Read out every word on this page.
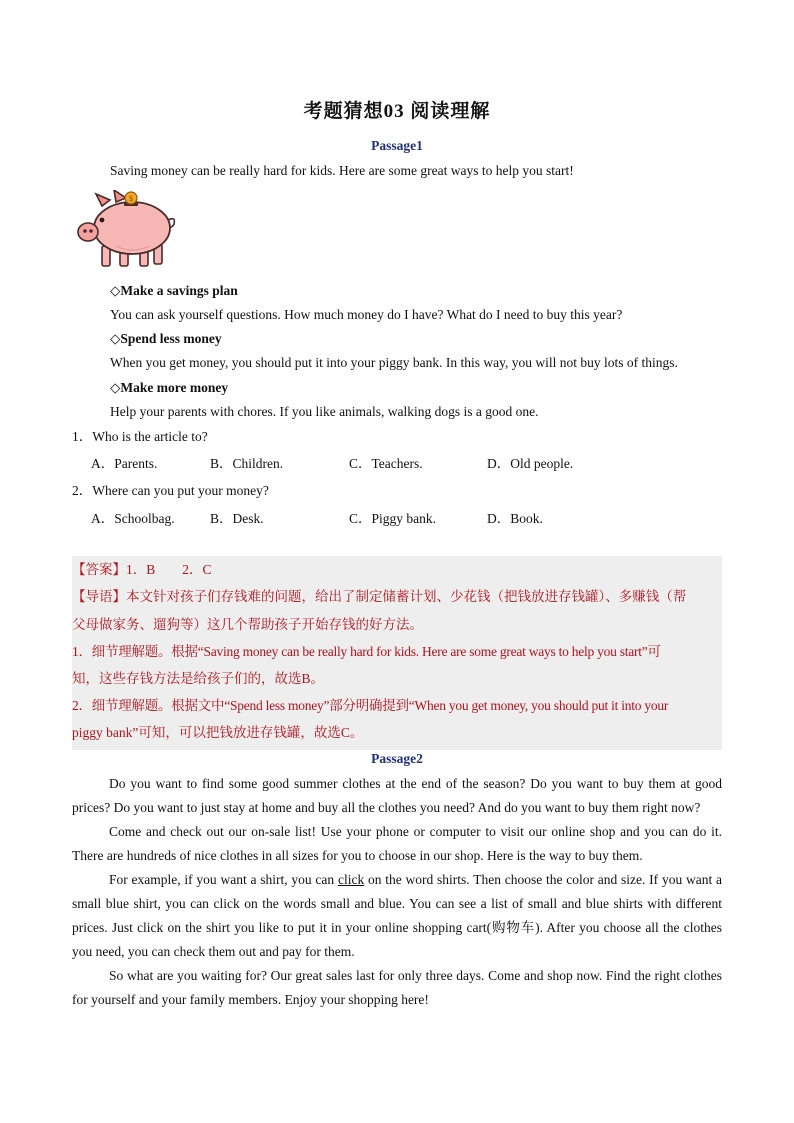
考题猜想03 阅读理解
Passage1
Saving money can be really hard for kids. Here are some great ways to help you start!
$
◇Make a savings plan
You can ask yourself questions. How much money do I have? What do I need to buy this year?
◇Spend less money
When you get money, you should put it into your piggy bank. In this way, you will not buy lots of things.
◇Make more money
Help your parents with chores. If you like animals, walking dogs is a good one.
1．Who is the article to?
A．Parents.	B．Children.	C．Teachers.	D．Old people.
2．Where can you put your money?
A．Schoolbag.	B．Desk.	C．Piggy bank.	D．Book.
【答案】1．B　　2．C
【导语】本文针对孩子们存钱难的问题，给出了制定储蓄计划、少花钱（把钱放进存钱罐）、多赚钱（帮
父母做家务、遛狗等）这几个帮助孩子开始存钱的好方法。
1．细节理解题。根据“Saving money can be really hard for kids. Here are some great ways to help you start”可
知，这些存钱方法是给孩子们的，故选B。
2．细节理解题。根据文中“Spend less money”部分明确提到“When you get money, you should put it into your
piggy bank”可知，可以把钱放进存钱罐，故选C。
Passage2

Do you want to find some good summer clothes at the end of the season? Do you want to buy them at good prices? Do you want to just stay at home and buy all the clothes you need? And do you want to buy them right now?

Come and check out our on-sale list! Use your phone or computer to visit our online shop and you can do it. There are hundreds of nice clothes in all sizes for you to choose in our shop. Here is the way to buy them.

For example, if you want a shirt, you can click on the word shirts. Then choose the color and size. If you want a small blue shirt, you can click on the words small and blue. You can see a list of small and blue shirts with different prices. Just click on the shirt you like to put it in your online shopping cart(购物车). After you choose all the clothes you need, you can check them out and pay for them.

So what are you waiting for? Our great sales last for only three days. Come and shop now. Find the right clothes for yourself and your family members. Enjoy your shopping here!
